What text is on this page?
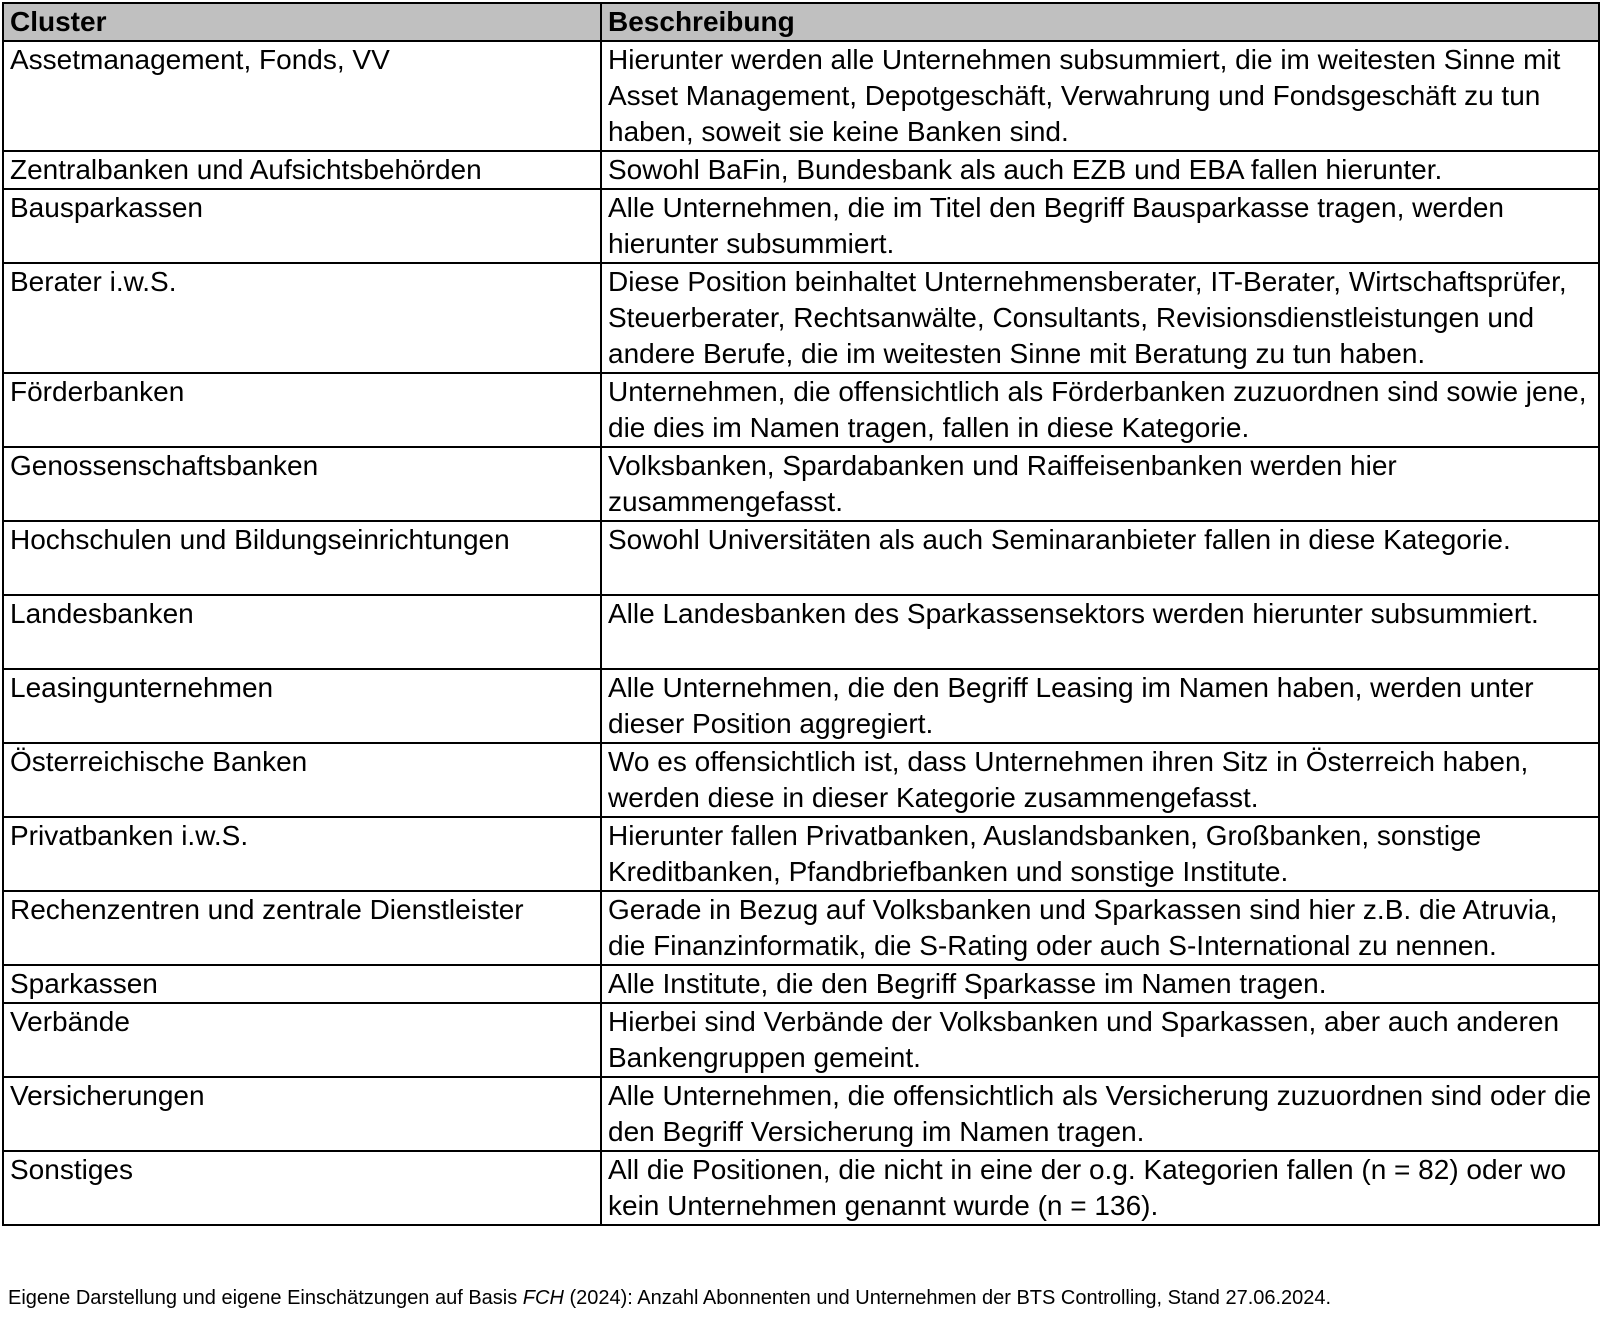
Cluster	Beschreibung
Assetmanagement, Fonds, VV	Hierunter werden alle Unternehmen subsummiert, die im weitesten Sinne mit Asset Management, Depotgeschäft, Verwahrung und Fondsgeschäft zu tun haben, soweit sie keine Banken sind.
Zentralbanken und Aufsichtsbehörden	Sowohl BaFin, Bundesbank als auch EZB und EBA fallen hierunter.
Bausparkassen	Alle Unternehmen, die im Titel den Begriff Bausparkasse tragen, werden hierunter subsummiert.
Berater i.w.S.	Diese Position beinhaltet Unternehmensberater, IT-Berater, Wirtschaftsprüfer, Steuerberater, Rechtsanwälte, Consultants, Revisionsdienstleistungen und andere Berufe, die im weitesten Sinne mit Beratung zu tun haben.
Förderbanken	Unternehmen, die offensichtlich als Förderbanken zuzuordnen sind sowie jene, die dies im Namen tragen, fallen in diese Kategorie.
Genossenschaftsbanken	Volksbanken, Spardabanken und Raiffeisenbanken werden hier zusammengefasst.
Hochschulen und Bildungseinrichtungen	Sowohl Universitäten als auch Seminaranbieter fallen in diese Kategorie.
Landesbanken	Alle Landesbanken des Sparkassensektors werden hierunter subsummiert.
Leasingunternehmen	Alle Unternehmen, die den Begriff Leasing im Namen haben, werden unter dieser Position aggregiert.
Österreichische Banken	Wo es offensichtlich ist, dass Unternehmen ihren Sitz in Österreich haben, werden diese in dieser Kategorie zusammengefasst.
Privatbanken i.w.S.	Hierunter fallen Privatbanken, Auslandsbanken, Großbanken, sonstige Kreditbanken, Pfandbriefbanken und sonstige Institute.
Rechenzentren und zentrale Dienstleister	Gerade in Bezug auf Volksbanken und Sparkassen sind hier z.B. die Atruvia, die Finanzinformatik, die S-Rating oder auch S-International zu nennen.
Sparkassen	Alle Institute, die den Begriff Sparkasse im Namen tragen.
Verbände	Hierbei sind Verbände der Volksbanken und Sparkassen, aber auch anderen Bankengruppen gemeint.
Versicherungen	Alle Unternehmen, die offensichtlich als Versicherung zuzuordnen sind oder die den Begriff Versicherung im Namen tragen.
Sonstiges	All die Positionen, die nicht in eine der o.g. Kategorien fallen (n = 82) oder wo kein Unternehmen genannt wurde (n = 136).
Eigene Darstellung und eigene Einschätzungen auf Basis FCH (2024): Anzahl Abonnenten und Unternehmen der BTS Controlling, Stand 27.06.2024.
